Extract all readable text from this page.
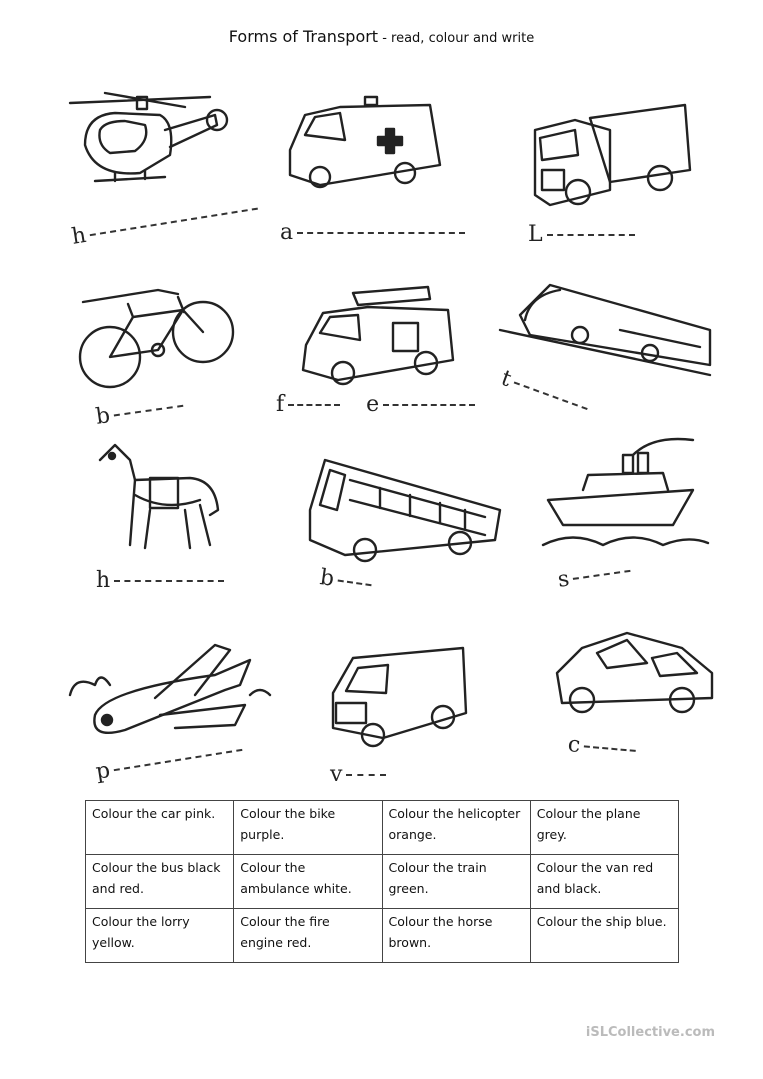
Forms of Transport - read, colour and write
h	a	L
b	f	e
t
h	b	s
p	v
c
Colour the car pink.	Colour the bike purple.	Colour the helicopter orange.	Colour the plane grey.
Colour the bus black and red.	Colour the ambulance white.	Colour the train green.	Colour the van red and black.
Colour the lorry yellow.	Colour the fire engine red.	Colour the horse brown.	Colour the ship blue.
iSLCollective.com
